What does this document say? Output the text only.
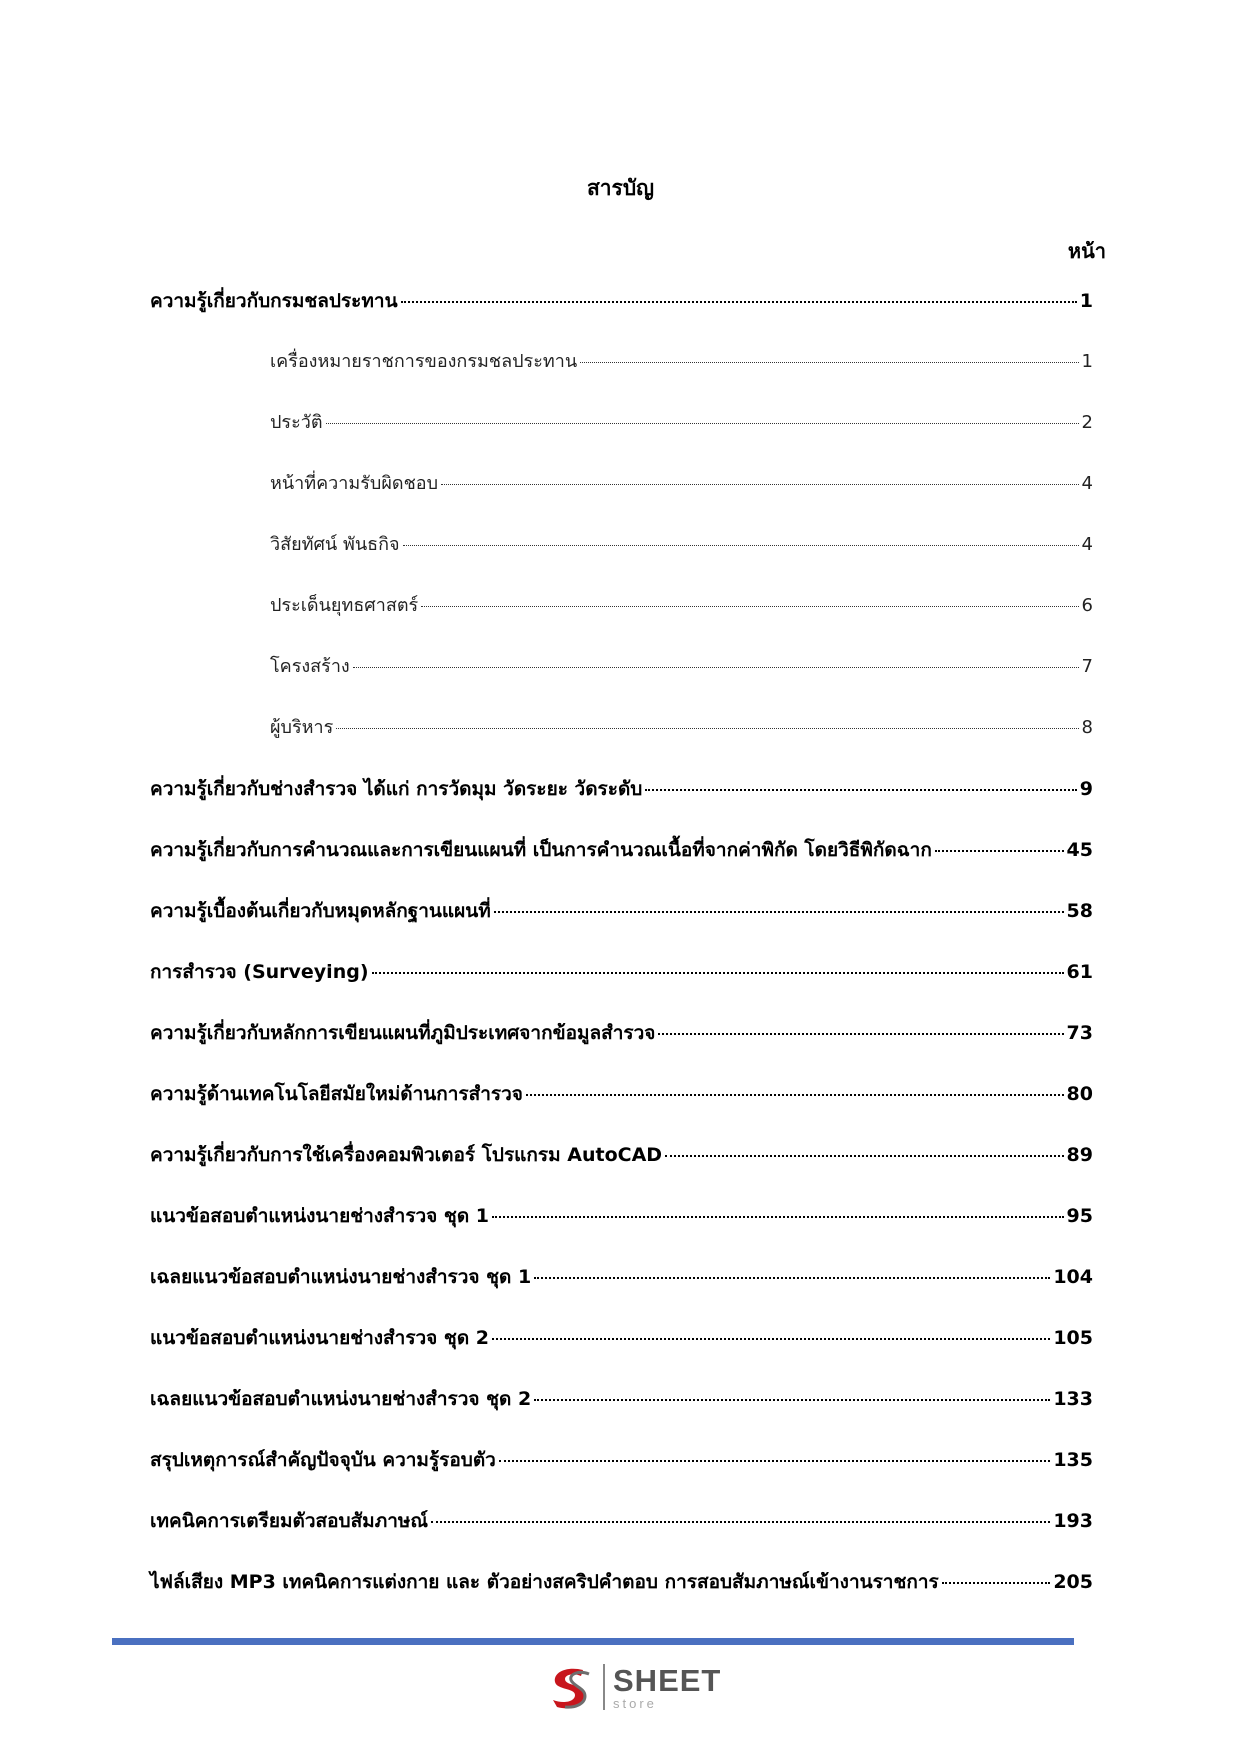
สารบัญ
หน้า
ความรู้เกี่ยวกับกรมชลประทาน	1
เครื่องหมายราชการของกรมชลประทาน	1
ประวัติ	2
หน้าที่ความรับผิดชอบ	4
วิสัยทัศน์ พันธกิจ	4
ประเด็นยุทธศาสตร์	6
โครงสร้าง	7
ผู้บริหาร	8
ความรู้เกี่ยวกับช่างสำรวจ ได้แก่ การวัดมุม วัดระยะ วัดระดับ	9
ความรู้เกี่ยวกับการคำนวณและการเขียนแผนที่ เป็นการคำนวณเนื้อที่จากค่าพิกัด โดยวิธีพิกัดฉาก	45
ความรู้เบื้องต้นเกี่ยวกับหมุดหลักฐานแผนที่	58
การสำรวจ (Surveying)	61
ความรู้เกี่ยวกับหลักการเขียนแผนที่ภูมิประเทศจากข้อมูลสำรวจ	73
ความรู้ด้านเทคโนโลยีสมัยใหม่ด้านการสำรวจ	80
ความรู้เกี่ยวกับการใช้เครื่องคอมพิวเตอร์ โปรแกรม AutoCAD	89
แนวข้อสอบตำแหน่งนายช่างสำรวจ ชุด 1	95
เฉลยแนวข้อสอบตำแหน่งนายช่างสำรวจ ชุด 1	104
แนวข้อสอบตำแหน่งนายช่างสำรวจ ชุด 2	105
เฉลยแนวข้อสอบตำแหน่งนายช่างสำรวจ ชุด 2	133
สรุปเหตุการณ์สำคัญปัจจุบัน ความรู้รอบตัว	135
เทคนิคการเตรียมตัวสอบสัมภาษณ์	193
ไฟล์เสียง MP3 เทคนิคการแต่งกาย และ ตัวอย่างสคริปคำตอบ การสอบสัมภาษณ์เข้างานราชการ	205
SHEET
store
